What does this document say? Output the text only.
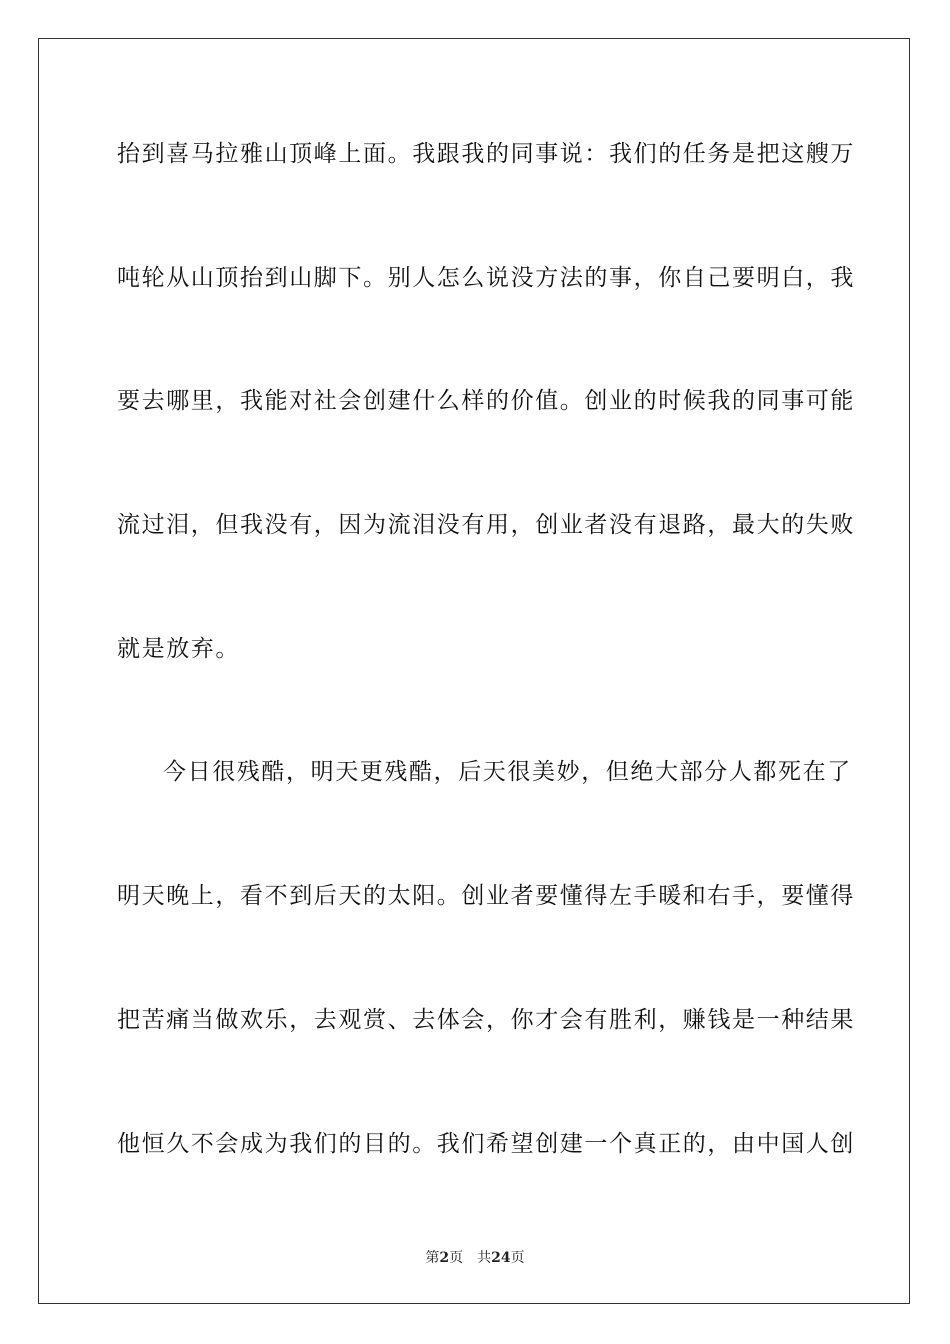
抬到喜马拉雅山顶峰上面。我跟我的同事说：我们的任务是把这艘万
吨轮从山顶抬到山脚下。别人怎么说没方法的事，你自己要明白，我
要去哪里，我能对社会创建什么样的价值。创业的时候我的同事可能
流过泪，但我没有，因为流泪没有用，创业者没有退路，最大的失败
就是放弃。
今日很残酷，明天更残酷，后天很美妙，但绝大部分人都死在了
明天晚上，看不到后天的太阳。创业者要懂得左手暖和右手，要懂得
把苦痛当做欢乐，去观赏、去体会，你才会有胜利，赚钱是一种结果
他恒久不会成为我们的目的。我们希望创建一个真正的，由中国人创
第2页 共24页
